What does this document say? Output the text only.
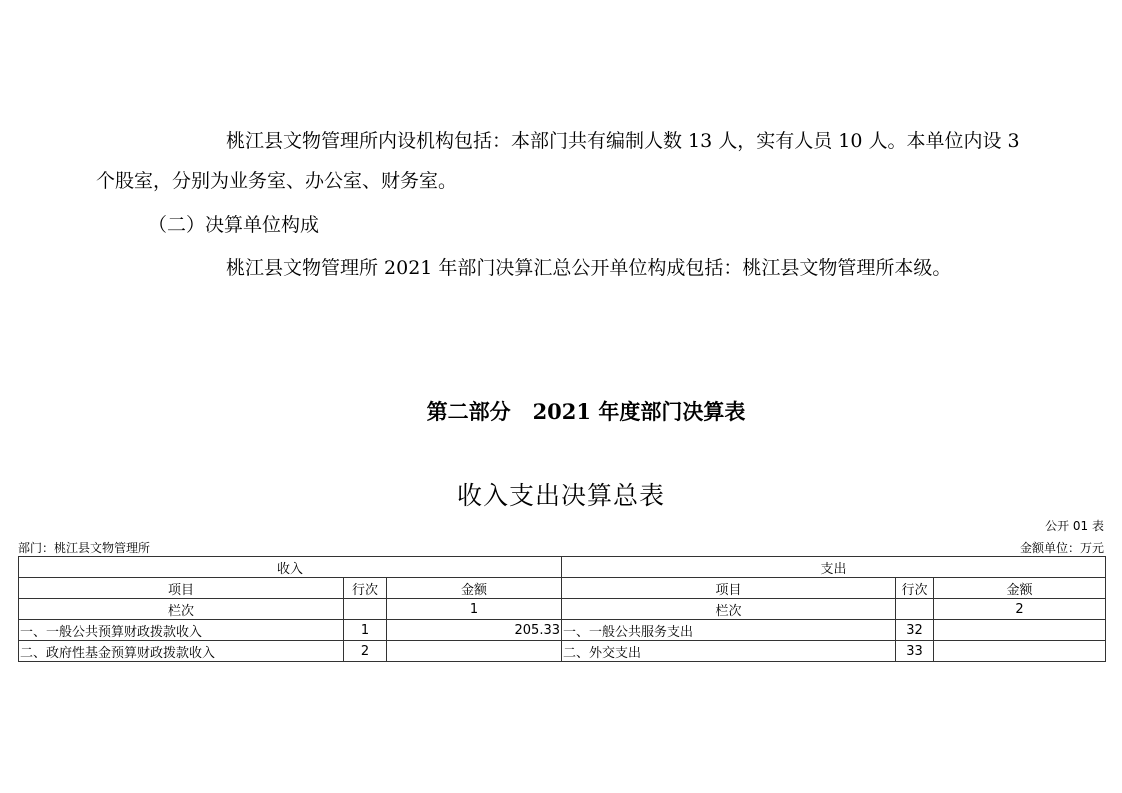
桃江县文物管理所内设机构包括：本部门共有编制人数 13 人，实有人员 10 人。本单位内设 3 个股室，分别为业务室、办公室、财务室。

（二）决算单位构成

桃江县文物管理所 2021 年部门决算汇总公开单位构成包括：桃江县文物管理所本级。

第二部分   2021 年度部门决算表
收入支出决算总表
公开 01 表
部门：桃江县文物管理所	金额单位：万元
收入			支出		
项目	行次	金额	项目	行次	金额
栏次		1	栏次		2
一、一般公共预算财政拨款收入	1	205.33	一、一般公共服务支出	32	
二、政府性基金预算财政拨款收入	2		二、外交支出	33	
